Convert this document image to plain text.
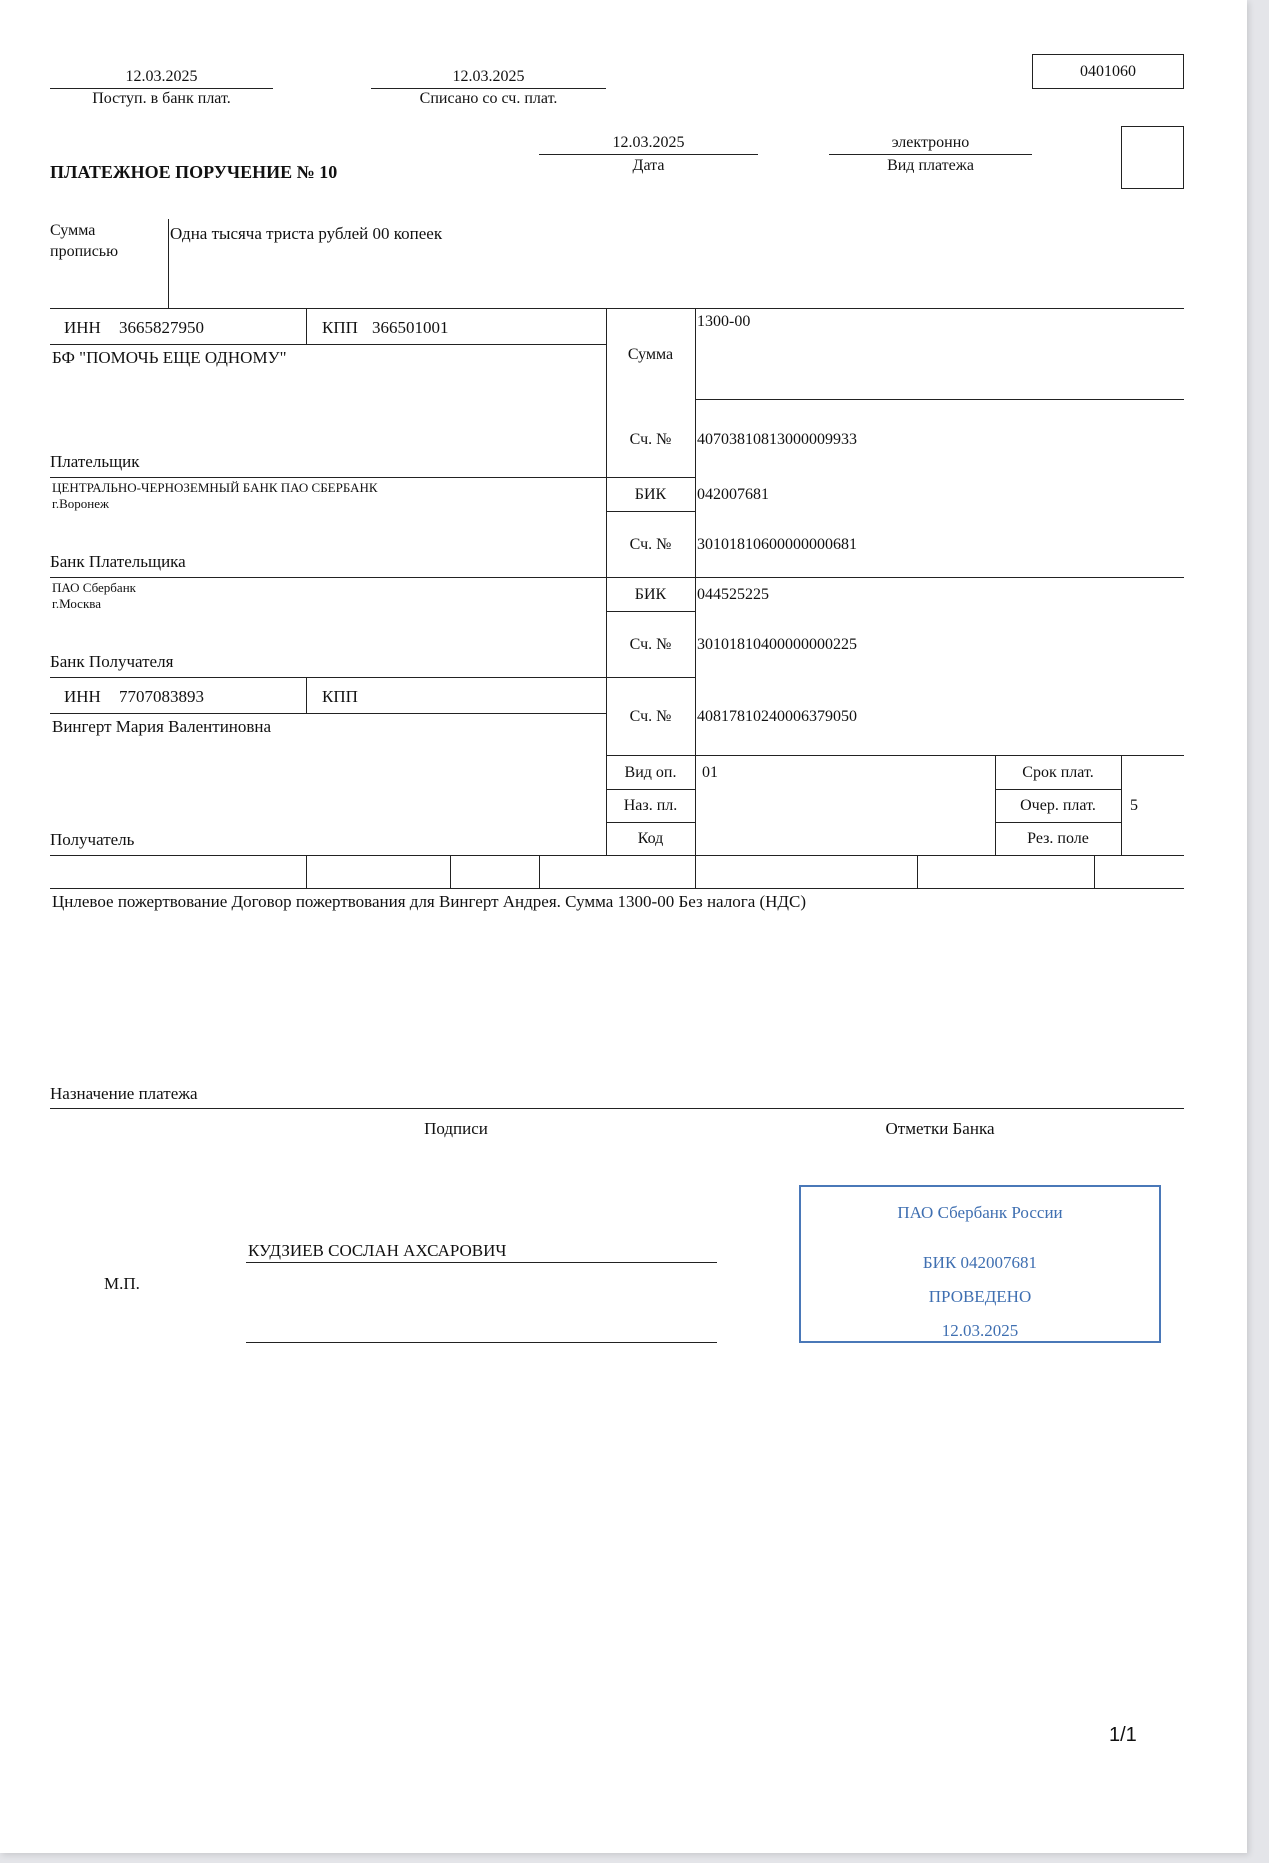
12.03.2025
Поступ. в банк плат.
12.03.2025
Списано со сч. плат.
0401060
ПЛАТЕЖНОЕ ПОРУЧЕНИЕ № 10
12.03.2025
Дата
электронно
Вид платежа
Сумма
прописью
Одна тысяча триста рублей 00 копеек
ИНН 3665827950	КПП 366501001
БФ "ПОМОЧЬ ЕЩЕ ОДНОМУ"
Плательщик
Сумма
1300-00
Сч. №	40703810813000009933
ЦЕНТРАЛЬНО-ЧЕРНОЗЕМНЫЙ БАНК ПАО СБЕРБАНК
г.Воронеж
Банк Плательщика
БИК	042007681
Сч. №	30101810600000000681
ПАО Сбербанк
г.Москва
Банк Получателя
БИК	044525225
Сч. №	30101810400000000225
ИНН 7707083893	КПП
Вингерт Мария Валентиновна
Получатель
Сч. №	40817810240006379050
Вид оп.	01
Наз. пл.
Код
Срок плат.
Очер. плат.	5
Рез. поле
Цнлевое пожертвование Договор пожертвования для Вингерт Андрея. Сумма 1300-00 Без налога (НДС)
Назначение платежа
Подписи
М.П.
КУДЗИЕВ СОСЛАН АХСАРОВИЧ
Отметки Банка
ПАО Сбербанк России
БИК 042007681
ПРОВЕДЕНО
12.03.2025
1/1
